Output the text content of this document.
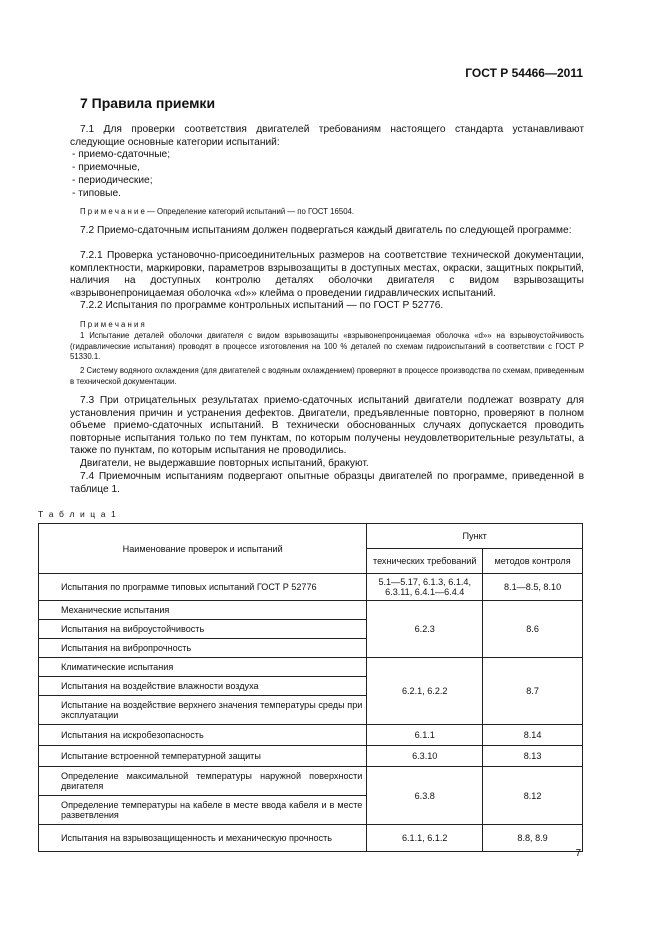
ГОСТ Р 54466—2011
7 Правила приемки
7.1 Для проверки соответствия двигателей требованиям настоящего стандарта устанавливают следующие основные категории испытаний:
- приемо-сдаточные;
- приемочные,
- периодические;
- типовые.
П р и м е ч а н и е — Определение категорий испытаний — по ГОСТ 16504.
7.2 Приемо-сдаточным испытаниям должен подвергаться каждый двигатель по следующей программе:
7.2.1 Проверка установочно-присоединительных размеров на соответствие технической документации, комплектности, маркировки, параметров взрывозащиты в доступных местах, окраски, защитных покрытий, наличия на доступных контролю деталях оболочки двигателя с видом взрывозащиты «взрывонепроницаемая оболочка «d»» клейма о проведении гидравлических испытаний.
7.2.2 Испытания по программе контрольных испытаний — по ГОСТ Р 52776.
П р и м е ч а н и я
1 Испытание деталей оболочки двигателя с видом взрывозащиты «взрывонепроницаемая оболочка «d»» на взрывоустойчивость (гидравлические испытания) проводят в процессе изготовления на 100 % деталей по схемам гидроиспытаний в соответствии с ГОСТ Р 51330.1.
2 Систему водяного охлаждения (для двигателей с водяным охлаждением) проверяют в процессе производства по схемам, приведенным в технической документации.
7.3 При отрицательных результатах приемо-сдаточных испытаний двигатели подлежат возврату для установления причин и устранения дефектов. Двигатели, предъявленные повторно, проверяют в полном объеме приемо-сдаточных испытаний. В технически обоснованных случаях допускается проводить повторные испытания только по тем пунктам, по которым получены неудовлетворительные результаты, а также по пунктам, по которым испытания не проводились.
Двигатели, не выдержавшие повторных испытаний, бракуют.
7.4 Приемочным испытаниям подвергают опытные образцы двигателей по программе, приведенной в таблице 1.
Т а б л и ц а 1
Наименование проверок и испытаний	Пункт	
	технических требований	методов контроля
Испытания по программе типовых испытаний ГОСТ Р 52776	5.1—5.17, 6.1.3, 6.1.4, 6.3.11, 6.4.1—6.4.4	8.1—8.5, 8.10
Механические испытания	6.2.3	8.6
Испытания на виброустойчивость		
Испытания на вибропрочность		
Климатические испытания	6.2.1, 6.2.2	8.7
Испытания на воздействие влажности воздуха		
Испытание на воздействие верхнего значения температуры среды при эксплуатации		
Испытания на искробезопасность	6.1.1	8.14
Испытание встроенной температурной защиты	6.3.10	8.13
Определение максимальной температуры наружной поверхности двигателя	6.3.8	8.12
Определение температуры на кабеле в месте ввода кабеля и в месте разветвления		
Испытания на взрывозащищенность и механическую прочность	6.1.1, 6.1.2	8.8, 8.9
7
